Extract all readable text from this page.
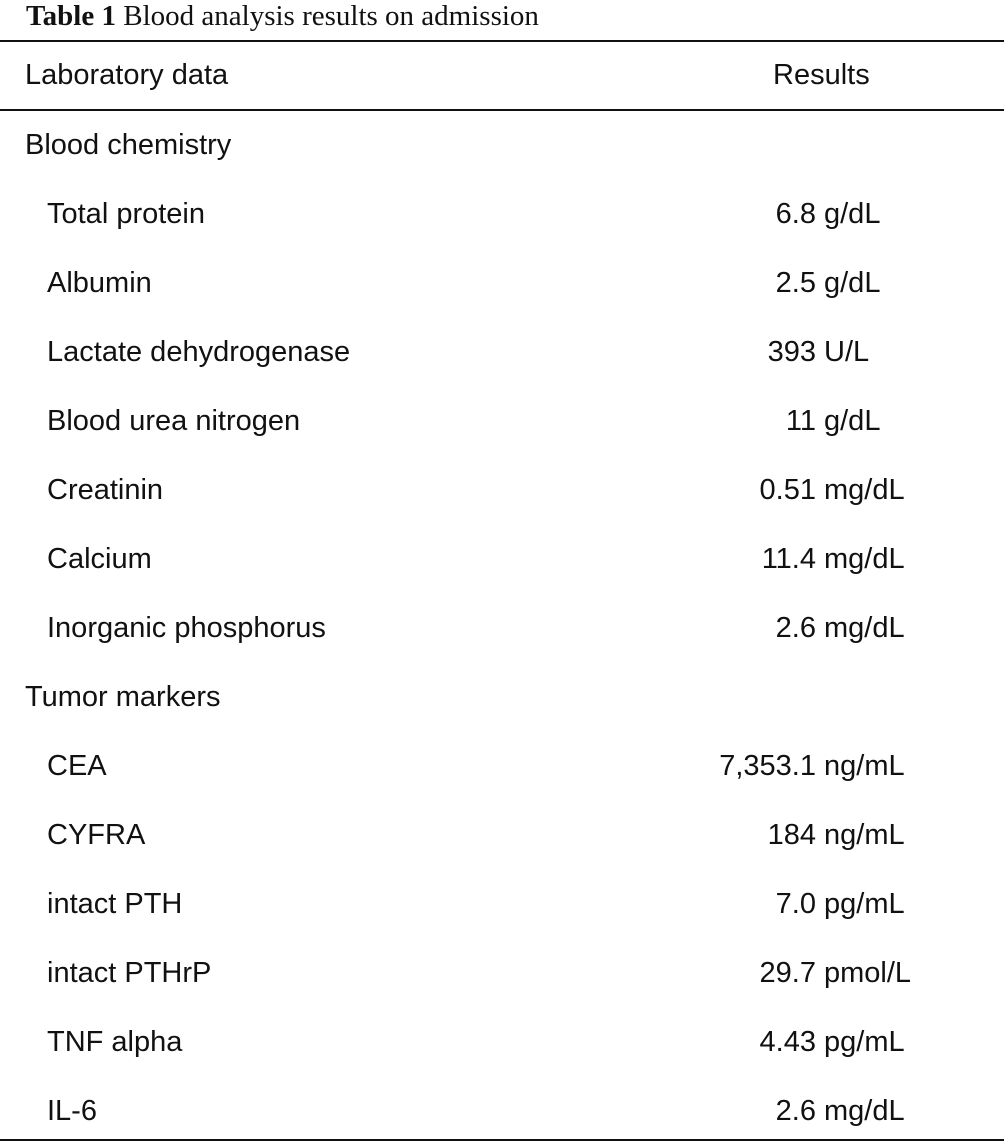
Table 1 Blood analysis results on admission
Laboratory data	Results

Blood chemistry	
Total protein	6.8 g/dL
Albumin	2.5 g/dL
Lactate dehydrogenase	393 U/L
Blood urea nitrogen	11 g/dL
Creatinin	0.51 mg/dL
Calcium	11.4 mg/dL
Inorganic phosphorus	2.6 mg/dL
Tumor markers	
CEA	7,353.1 ng/mL
CYFRA	184 ng/mL
intact PTH	7.0 pg/mL
intact PTHrP	29.7 pmol/L
TNF alpha	4.43 pg/mL
IL-6	2.6 mg/dL
